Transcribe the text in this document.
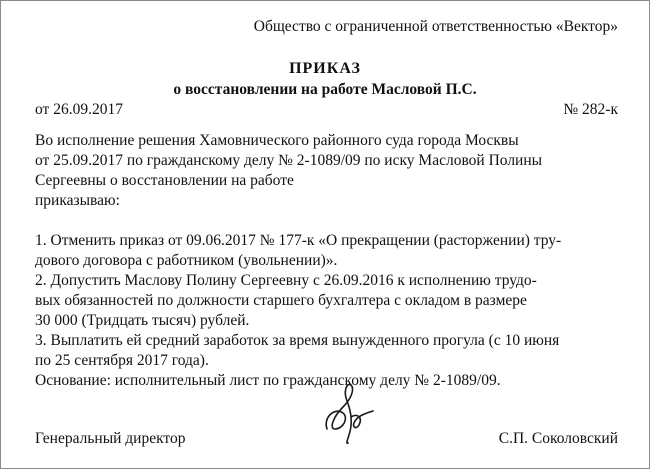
Общество с ограниченной ответственностью «Вектор»

ПРИКАЗ

о восстановлении на работе Масловой П.С.

от 26.09.2017	№ 282-к

Во исполнение решения Хамовнического районного суда города Москвы

от 25.09.2017 по гражданскому делу № 2-1089/09 по иску Масловой Полины

Сергеевны о восстановлении на работе

приказываю:

1. Отменить приказ от 09.06.2017 № 177-к «О прекращении (расторжении) тру-

дового договора с работником (увольнении)».

2. Допустить Маслову Полину Сергеевну с 26.09.2016 к исполнению трудо-

вых обязанностей по должности старшего бухгалтера с окладом в размере

30 000 (Тридцать тысяч) рублей.

3. Выплатить ей средний заработок за время вынужденного прогула (с 10 июня

по 25 сентября 2017 года).

Основание: исполнительный лист по гражданскому делу № 2-1089/09.

Генеральный директор	С.П. Соколовский
